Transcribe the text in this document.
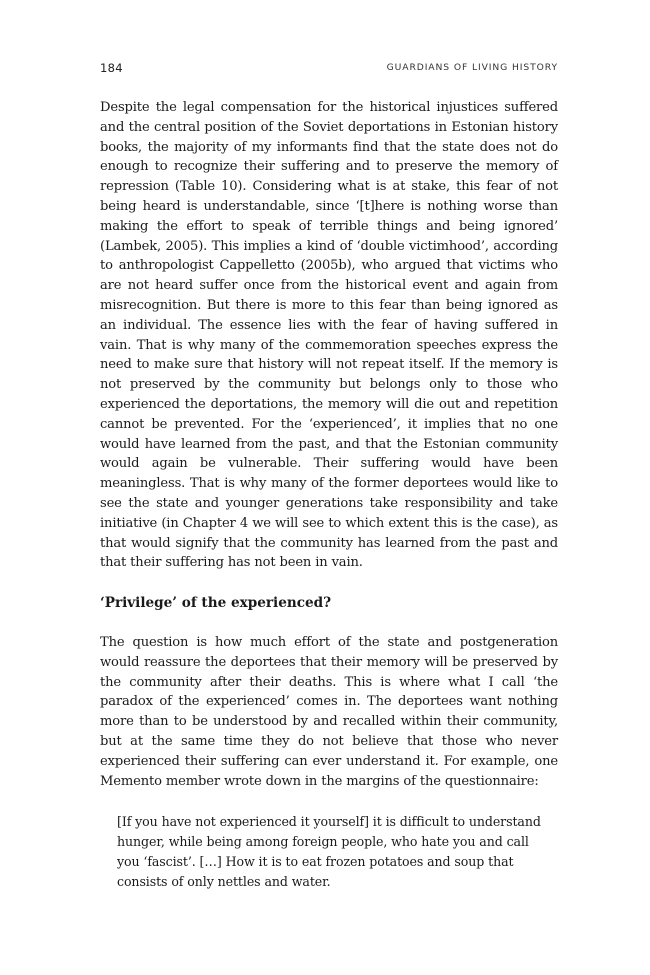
184	GUARDIANS OF LIVING HISTORY

Despite the legal compensation for the historical injustices suffered and the central position of the Soviet deportations in Estonian history books, the majority of my informants find that the state does not do enough to recognize their suffering and to preserve the memory of repression (Table 10). Considering what is at stake, this fear of not being heard is understandable, since ‘[t]here is nothing worse than making the effort to speak of terrible things and being ignored’ (Lambek, 2005). This implies a kind of ‘double victimhood’, according to anthropologist Cappelletto (2005b), who argued that victims who are not heard suffer once from the historical event and again from misrecognition. But there is more to this fear than being ignored as an individual. The essence lies with the fear of having suffered in vain. That is why many of the commemoration speeches express the need to make sure that history will not repeat itself. If the memory is not preserved by the community but belongs only to those who experienced the deportations, the memory will die out and repetition cannot be prevented. For the ‘experienced’, it implies that no one would have learned from the past, and that the Estonian community would again be vulnerable. Their suffering would have been meaningless. That is why many of the former deportees would like to see the state and younger generations take responsibility and take initiative (in Chapter 4 we will see to which extent this is the case), as that would signify that the community has learned from the past and that their suffering has not been in vain.

‘Privilege’ of the experienced?

The question is how much effort of the state and postgeneration would reassure the deportees that their memory will be preserved by the community after their deaths. This is where what I call ‘the paradox of the experienced’ comes in. The deportees want nothing more than to be understood by and recalled within their community, but at the same time they do not believe that those who never experienced their suffering can ever understand it. For example, one Memento member wrote down in the margins of the questionnaire:

[If you have not experienced it yourself] it is difficult to understand hunger, while being among foreign people, who hate you and call you ‘fascist’. […] How it is to eat frozen potatoes and soup that consists of only nettles and water.
